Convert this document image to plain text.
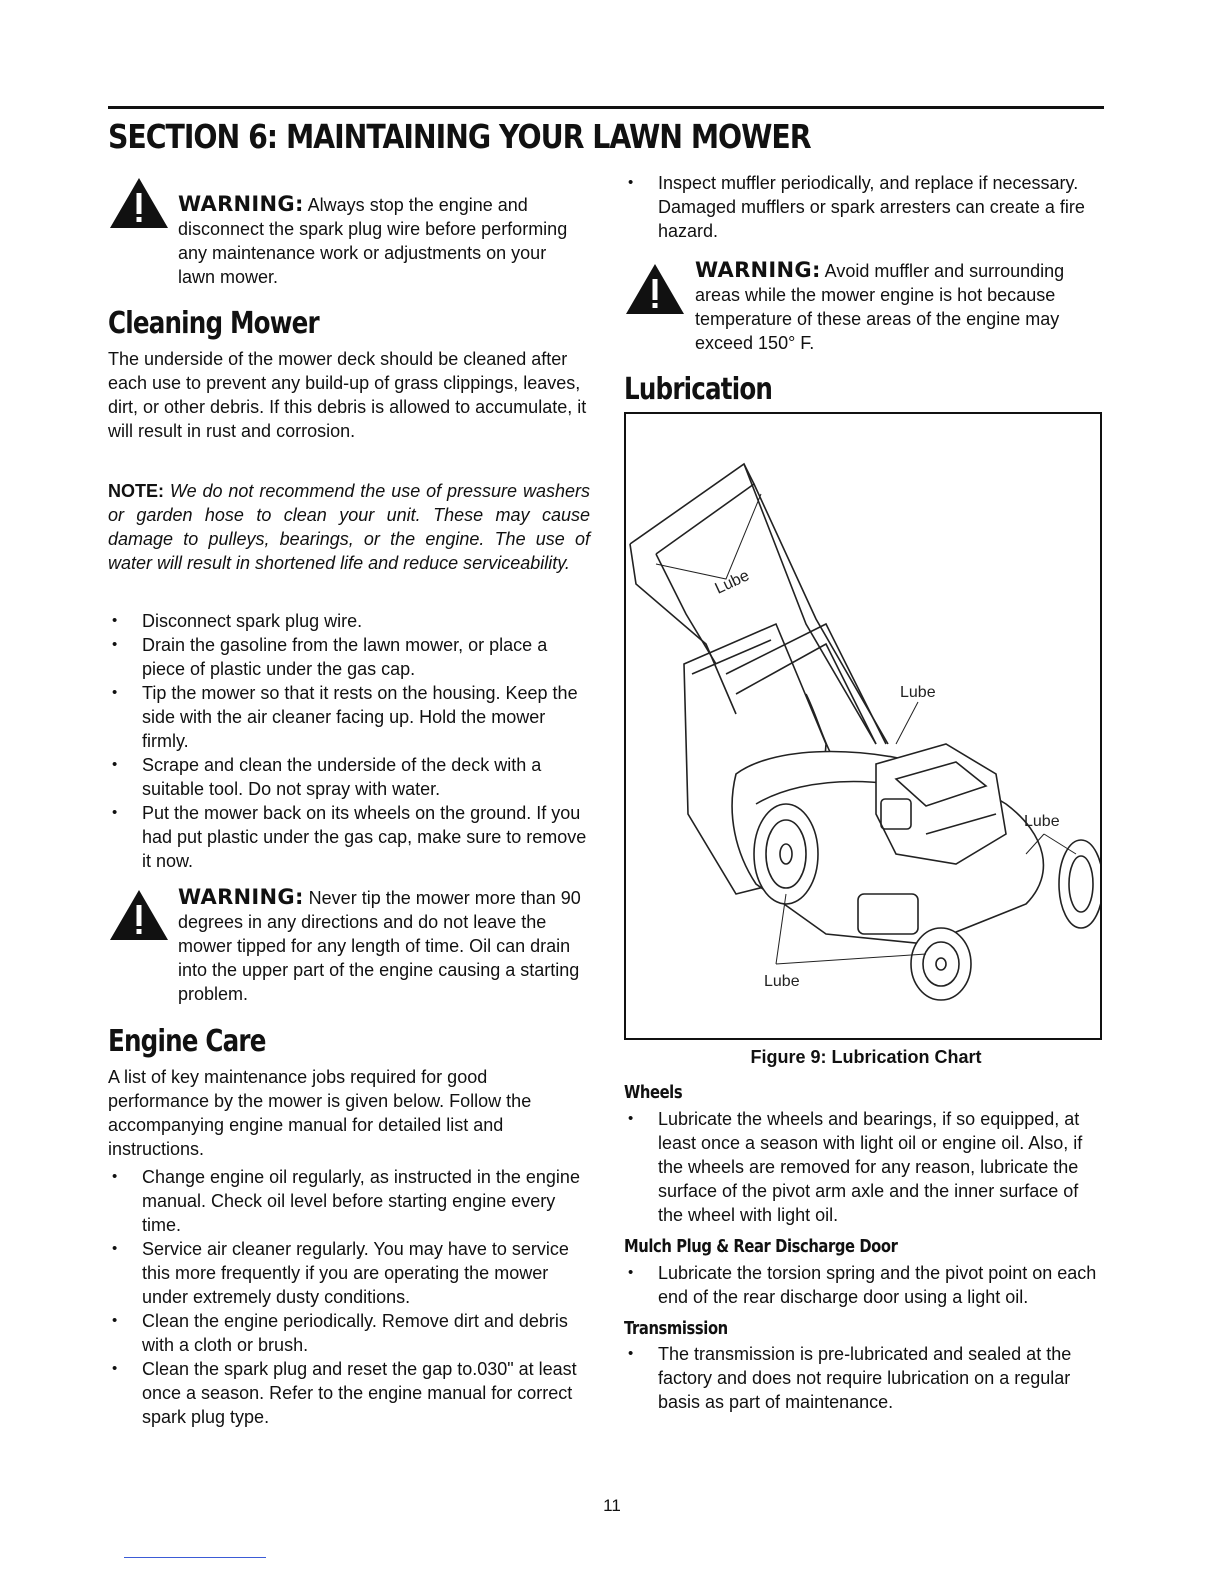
SECTION 6: MAINTAINING YOUR LAWN MOWER
WARNING: Always stop the engine and disconnect the spark plug wire before performing any maintenance work or adjustments on your lawn mower.
Cleaning Mower

The underside of the mower deck should be cleaned after each use to prevent any build-up of grass clippings, leaves, dirt, or other debris. If this debris is allowed to accumulate, it will result in rust and corrosion.

NOTE: We do not recommend the use of pressure washers or garden hose to clean your unit. These may cause damage to pulleys, bearings, or the engine. The use of water will result in shortened life and reduce serviceability.

• Disconnect spark plug wire.
• Drain the gasoline from the lawn mower, or place a piece of plastic under the gas cap.
• Tip the mower so that it rests on the housing. Keep the side with the air cleaner facing up. Hold the mower firmly.
• Scrape and clean the underside of the deck with a suitable tool. Do not spray with water.
• Put the mower back on its wheels on the ground. If you had put plastic under the gas cap, make sure to remove it now.
WARNING: Never tip the mower more than 90 degrees in any directions and do not leave the mower tipped for any length of time. Oil can drain into the upper part of the engine causing a starting problem.
Engine Care

A list of key maintenance jobs required for good performance by the mower is given below. Follow the accompanying engine manual for detailed list and instructions.

• Change engine oil regularly, as instructed in the engine manual. Check oil level before starting engine every time.
• Service air cleaner regularly. You may have to service this more frequently if you are operating the mower under extremely dusty conditions.
• Clean the engine periodically. Remove dirt and debris with a cloth or brush.
• Clean the spark plug and reset the gap to.030" at least once a season. Refer to the engine manual for correct spark plug type.
• Inspect muffler periodically, and replace if necessary. Damaged mufflers or spark arresters can create a fire hazard.
WARNING: Avoid muffler and surrounding areas while the mower engine is hot because temperature of these areas of the engine may exceed 150° F.
Lubrication
Lube
Lube
Lube
Lube
Figure 9: Lubrication Chart
Wheels
• Lubricate the wheels and bearings, if so equipped, at least once a season with light oil or engine oil. Also, if the wheels are removed for any reason, lubricate the surface of the pivot arm axle and the inner surface of the wheel with light oil.
Mulch Plug & Rear Discharge Door
• Lubricate the torsion spring and the pivot point on each end of the rear discharge door using a light oil.
Transmission
• The transmission is pre-lubricated and sealed at the factory and does not require lubrication on a regular basis as part of maintenance.
11
